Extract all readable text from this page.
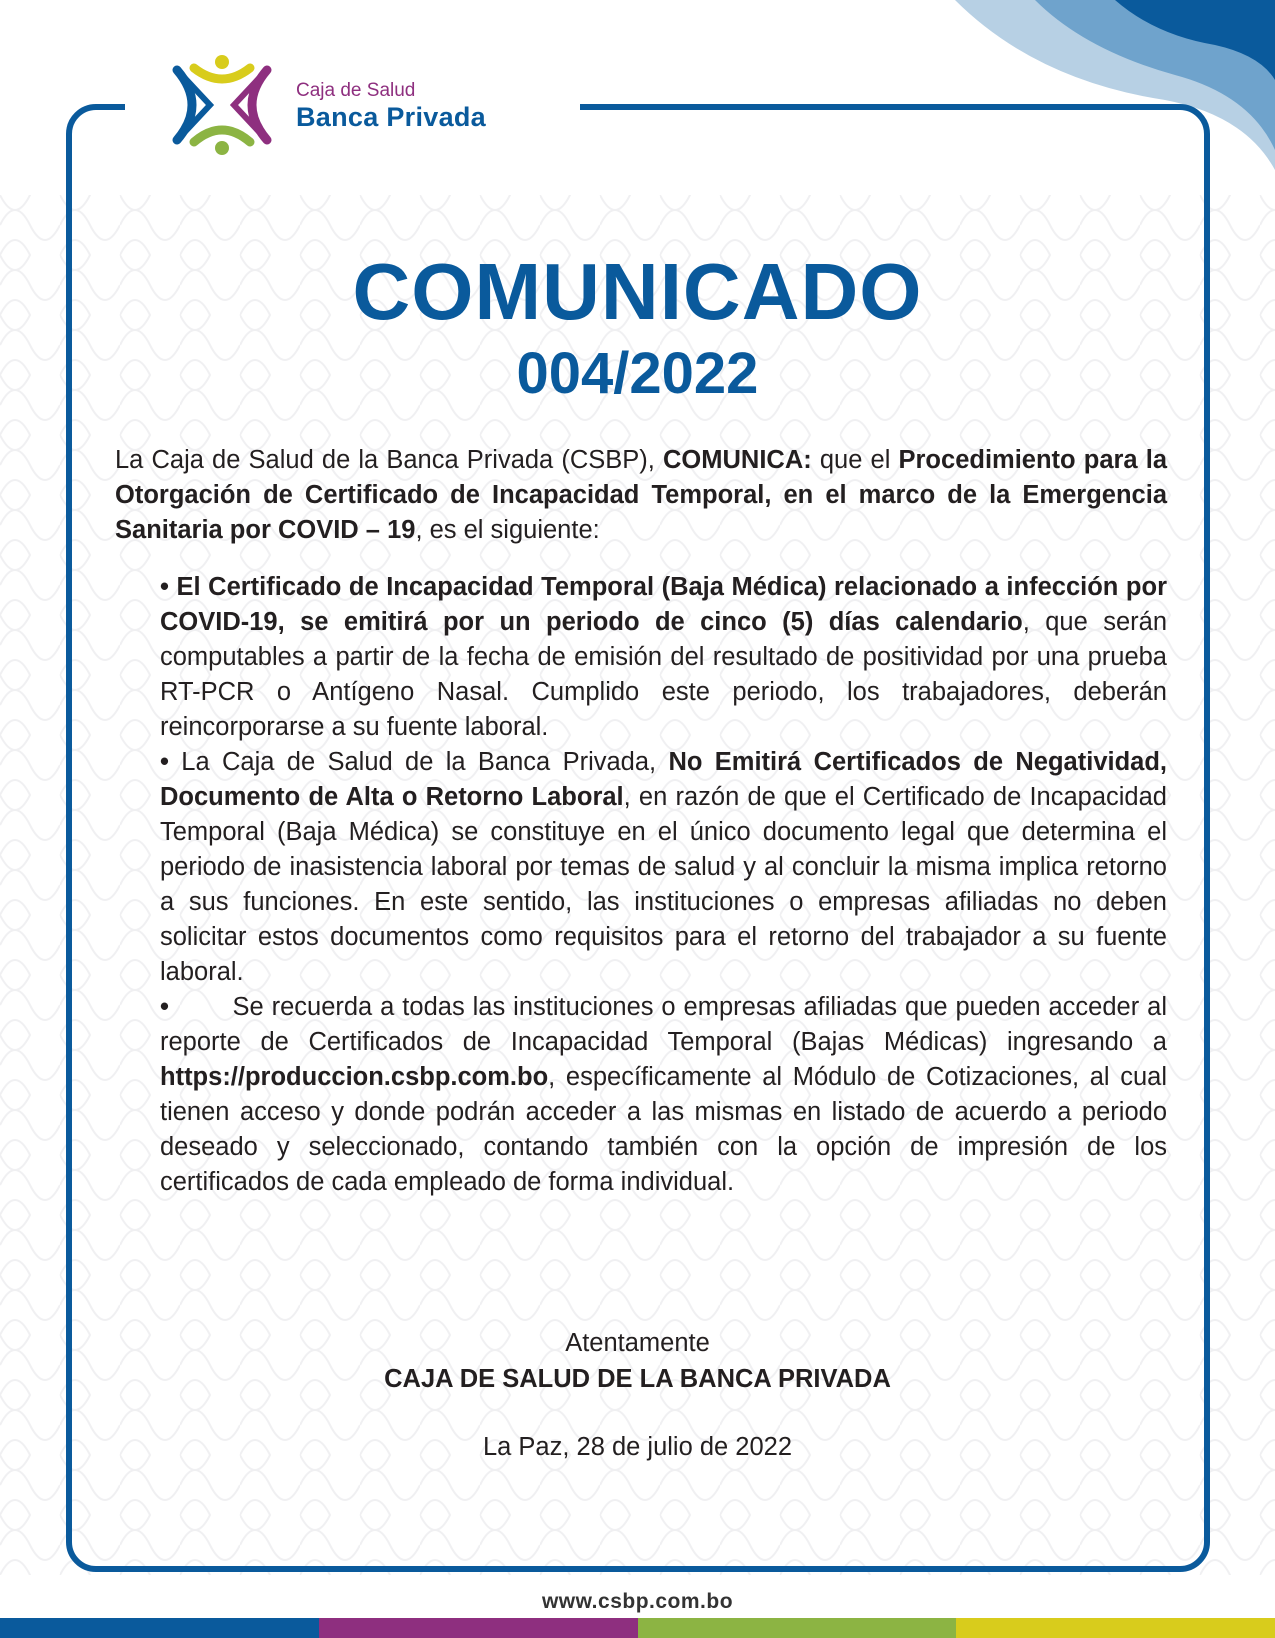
Caja de Salud
Banca Privada
COMUNICADO
004/2022

La Caja de Salud de la Banca Privada (CSBP), COMUNICA: que el Procedimiento para la Otorgación de Certificado de Incapacidad Temporal, en el marco de la Emergencia Sanitaria por COVID – 19, es el siguiente:

• El Certificado de Incapacidad Temporal (Baja Médica) relacionado a infección por COVID-19, se emitirá por un periodo de cinco (5) días calendario, que serán computables a partir de la fecha de emisión del resultado de positividad por una prueba RT-PCR o Antígeno Nasal. Cumplido este periodo, los trabajadores, deberán reincorporarse a su fuente laboral.

• La Caja de Salud de la Banca Privada, No Emitirá Certificados de Negatividad, Documento de Alta o Retorno Laboral, en razón de que el Certificado de Incapacidad Temporal (Baja Médica) se constituye en el único documento legal que determina el periodo de inasistencia laboral por temas de salud y al concluir la misma implica retorno a sus funciones. En este sentido, las instituciones o empresas afiliadas no deben solicitar estos documentos como requisitos para el retorno del trabajador a su fuente laboral.

•        Se recuerda a todas las instituciones o empresas afiliadas que pueden acceder al reporte de Certificados de Incapacidad Temporal (Bajas Médicas) ingresando a https://produccion.csbp.com.bo, específicamente al Módulo de Cotizaciones, al cual tienen acceso y donde podrán acceder a las mismas en listado de acuerdo a periodo deseado y seleccionado, contando también con la opción de impresión de los certificados de cada empleado de forma individual.

Atentamente
CAJA DE SALUD DE LA BANCA PRIVADA
La Paz, 28 de julio de 2022
www.csbp.com.bo
